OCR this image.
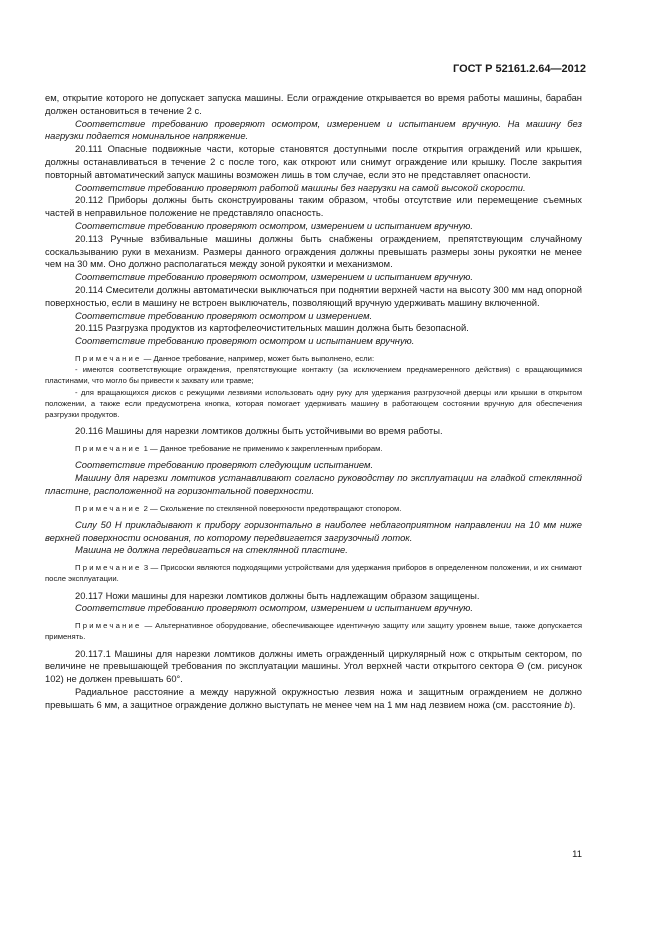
ГОСТ Р 52161.2.64—2012

ем, открытие которого не допускает запуска машины. Если ограждение открывается во время работы машины, барабан должен остановиться в течение 2 с.

Соответствие требованию проверяют осмотром, измерением и испытанием вручную. На машину без нагрузки подается номинальное напряжение.

20.111 Опасные подвижные части, которые становятся доступными после открытия ограждений или крышек, должны останавливаться в течение 2 с после того, как откроют или снимут ограждение или крышку. После закрытия повторный автоматический запуск машины возможен лишь в том случае, если это не представляет опасности.

Соответствие требованию проверяют работой машины без нагрузки на самой высокой скорости.

20.112 Приборы должны быть сконструированы таким образом, чтобы отсутствие или перемещение съемных частей в неправильное положение не представляло опасность.

Соответствие требованию проверяют осмотром, измерением и испытанием вручную.

20.113 Ручные взбивальные машины должны быть снабжены ограждением, препятствующим случайному соскальзыванию руки в механизм. Размеры данного ограждения должны превышать размеры зоны рукоятки не менее чем на 30 мм. Оно должно располагаться между зоной рукоятки и механизмом.

Соответствие требованию проверяют осмотром, измерением и испытанием вручную.

20.114 Смесители должны автоматически выключаться при поднятии верхней части на высоту 300 мм над опорной поверхностью, если в машину не встроен выключатель, позволяющий вручную удерживать машину включенной.

Соответствие требованию проверяют осмотром и измерением.

20.115 Разгрузка продуктов из картофелеочистительных машин должна быть безопасной.

Соответствие требованию проверяют осмотром и испытанием вручную.

Примечание — Данное требование, например, может быть выполнено, если:

- имеются соответствующие ограждения, препятствующие контакту (за исключением преднамеренного действия) с вращающимися пластинами, что могло бы привести к захвату или травме;

- для вращающихся дисков с режущими лезвиями использовать одну руку для удержания разгрузочной дверцы или крышки в открытом положении, а также если предусмотрена кнопка, которая помогает удерживать машину в работающем состоянии вручную для обеспечения разгрузки продуктов.

20.116 Машины для нарезки ломтиков должны быть устойчивыми во время работы.

Примечание 1 — Данное требование не применимо к закрепленным приборам.

Соответствие требованию проверяют следующим испытанием.

Машину для нарезки ломтиков устанавливают согласно руководству по эксплуатации на гладкой стеклянной пластине, расположенной на горизонтальной поверхности.

Примечание 2 — Скольжение по стеклянной поверхности предотвращают стопором.

Силу 50 Н прикладывают к прибору горизонтально в наиболее неблагоприятном направлении на 10 мм ниже верхней поверхности основания, по которому передвигается загрузочный лоток.

Машина не должна передвигаться на стеклянной пластине.

Примечание 3 — Присоски являются подходящими устройствами для удержания приборов в определенном положении, и их снимают после эксплуатации.

20.117 Ножи машины для нарезки ломтиков должны быть надлежащим образом защищены.

Соответствие требованию проверяют осмотром, измерением и испытанием вручную.

Примечание — Альтернативное оборудование, обеспечивающее идентичную защиту или защиту уровнем выше, также допускается применять.

20.117.1 Машины для нарезки ломтиков должны иметь огражденный циркулярный нож с открытым сектором, по величине не превышающей требования по эксплуатации машины. Угол верхней части открытого сектора Θ (см. рисунок 102) не должен превышать 60°.

Радиальное расстояние a между наружной окружностью лезвия ножа и защитным ограждением не должно превышать 6 мм, а защитное ограждение должно выступать не менее чем на 1 мм над лезвием ножа (см. расстояние b).

11
